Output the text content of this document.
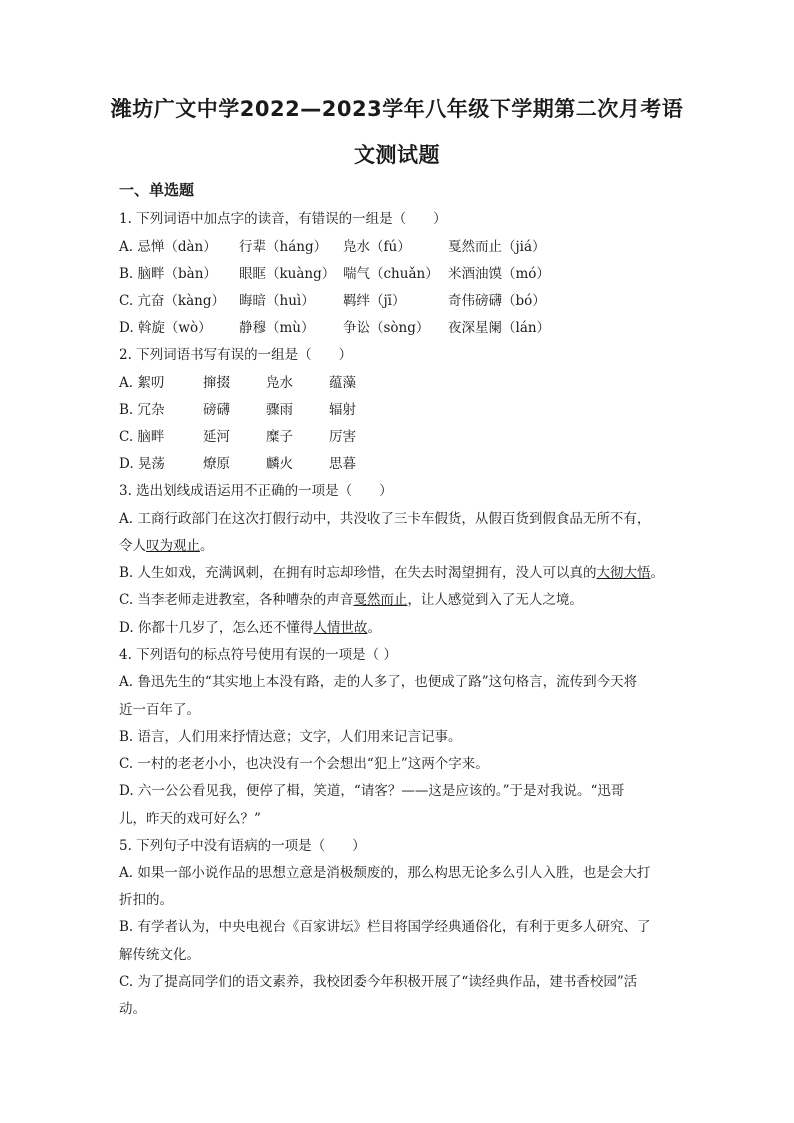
潍坊广文中学2022—2023学年八年级下学期第二次月考语
文测试题
一、单选题
1. 下列词语中加点字的读音，有错误的一组是（　　）
A. 忌惮（dàn） 行辈（háng） 凫水（fú）	戛然而止（jiá）
B. 脑畔（bàn） 眼眶（kuàng） 喘气（chuǎn） 米酒油馍（mó）
C. 亢奋（kàng） 晦暗（huì） 羁绊（jī）	奇伟磅礴（bó）
D. 斡旋（wò） 静穆（mù） 争讼（sòng） 夜深星阑（lán）
2. 下列词语书写有误的一组是（　　）
A. 絮叨	撺掇	凫水	蕴藻
B. 冗杂	磅礴	骤雨	辐射
C. 脑畔	延河	糜子	厉害
D. 晃荡	燎原	麟火	思暮
3. 选出划线成语运用不正确的一项是（　　）
A. 工商行政部门在这次打假行动中，共没收了三卡车假货，从假百货到假食品无所不有，
令人叹为观止。
B. 人生如戏，充满讽刺，在拥有时忘却珍惜，在失去时渴望拥有，没人可以真的大彻大悟。
C. 当李老师走进教室，各种嘈杂的声音戛然而止，让人感觉到入了无人之境。
D. 你都十几岁了，怎么还不懂得人情世故。
4. 下列语句的标点符号使用有误的一项是（ ）
A. 鲁迅先生的“其实地上本没有路，走的人多了，也便成了路”这句格言，流传到今天将
近一百年了。
B. 语言，人们用来抒情达意；文字，人们用来记言记事。
C. 一村的老老小小，也决没有一个会想出“犯上”这两个字来。
D. 六一公公看见我，便停了楫，笑道，“请客？——这是应该的。”于是对我说。“迅哥
儿，昨天的戏可好么？”
5. 下列句子中没有语病的一项是（　　）
A. 如果一部小说作品的思想立意是消极颓废的，那么构思无论多么引人入胜，也是会大打
折扣的。
B. 有学者认为，中央电视台《百家讲坛》栏目将国学经典通俗化，有利于更多人研究、了
解传统文化。
C. 为了提高同学们的语文素养，我校团委今年积极开展了“读经典作品，建书香校园”活
动。
